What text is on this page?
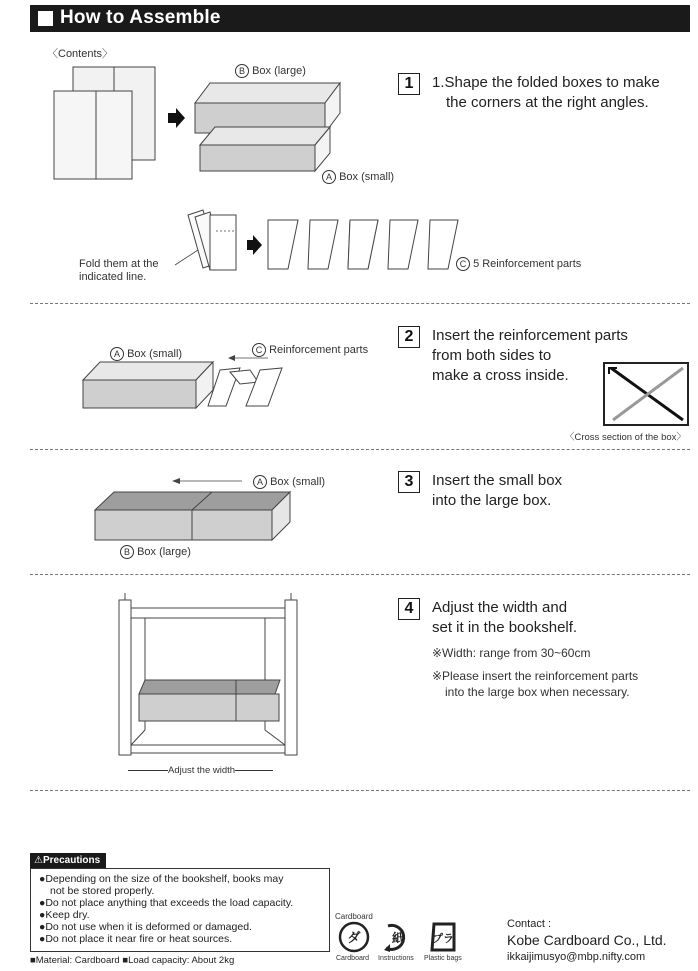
How to Assemble
〈Contents〉
B Box (large)
A Box (small)
Fold them at the
indicated line.
C 5 Reinforcement parts
1	1.Shape the folded boxes to make
the corners at the right angles.
A Box (small)	C Reinforcement parts
2	Insert the reinforcement parts
from both sides to
make a cross inside.
〈Cross section of the box〉
A Box (small)
B Box (large)
3	Insert the small box
into the large box.
Adjust the width
4	Adjust the width and
set it in the bookshelf.
※Width: range from 30~60cm
※Please insert the reinforcement parts
into the large box when necessary.
⚠Precautions
●Depending on the size of the bookshelf, books may
not be stored properly.
●Do not place anything that exceeds the load capacity.
●Keep dry.
●Do not use when it is deformed or damaged.
●Do not place it near fire or heat sources.
■Material: Cardboard ■Load capacity: About 2kg
Cardboard
ダ	紙	プラ
Cardboard Instructions Plastic bags
Contact :
Kobe Cardboard Co., Ltd.
ikkaijimusyo@mbp.nifty.com
